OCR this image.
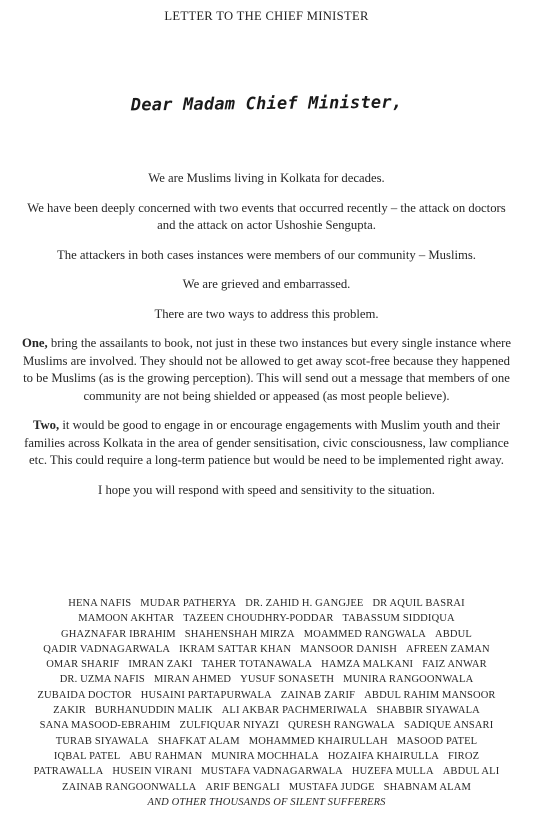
LETTER TO THE CHIEF MINISTER
Dear Madam Chief Minister,

We are Muslims living in Kolkata for decades.

We have been deeply concerned with two events that occurred recently – the attack on doctors and the attack on actor Ushoshie Sengupta.

The attackers in both cases instances were members of our community – Muslims.

We are grieved and embarrassed.

There are two ways to address this problem.

One, bring the assailants to book, not just in these two instances but every single instance where Muslims are involved. They should not be allowed to get away scot-free because they happened to be Muslims (as is the growing perception). This will send out a message that members of one community are not being shielded or appeased (as most people believe).

Two, it would be good to engage in or encourage engagements with Muslim youth and their families across Kolkata in the area of gender sensitisation, civic consciousness, law compliance etc. This could require a long-term patience but would be need to be implemented right away.

I hope you will respond with speed and sensitivity to the situation.

HENA NAFIS MUDAR PATHERYA DR. ZAHID H. GANGJEE DR AQUIL BASRAI
MAMOON AKHTAR TAZEEN CHOUDHRY-PODDAR TABASSUM SIDDIQUA
GHAZNAFAR IBRAHIM SHAHENSHAH MIRZA MOAMMED RANGWALA ABDUL
QADIR VADNAGARWALA IKRAM SATTAR KHAN MANSOOR DANISH AFREEN ZAMAN
OMAR SHARIF IMRAN ZAKI TAHER TOTANAWALA HAMZA MALKANI FAIZ ANWAR
DR. UZMA NAFIS MIRAN AHMED YUSUF SONASETH MUNIRA RANGOONWALA
ZUBAIDA DOCTOR HUSAINI PARTAPURWALA ZAINAB ZARIF ABDUL RAHIM MANSOOR
ZAKIR BURHANUDDIN MALIK ALI AKBAR PACHMERIWALA SHABBIR SIYAWALA
SANA MASOOD-EBRAHIM ZULFIQUAR NIYAZI QURESH RANGWALA SADIQUE ANSARI
TURAB SIYAWALA SHAFKAT ALAM MOHAMMED KHAIRULLAH MASOOD PATEL
IQBAL PATEL ABU RAHMAN MUNIRA MOCHHALA HOZAIFA KHAIRULLA FIROZ
PATRAWALLA HUSEIN VIRANI MUSTAFA VADNAGARWALA HUZEFA MULLA ABDUL ALI
ZAINAB RANGOONWALLA ARIF BENGALI MUSTAFA JUDGE SHABNAM ALAM
AND OTHER THOUSANDS OF SILENT SUFFERERS
